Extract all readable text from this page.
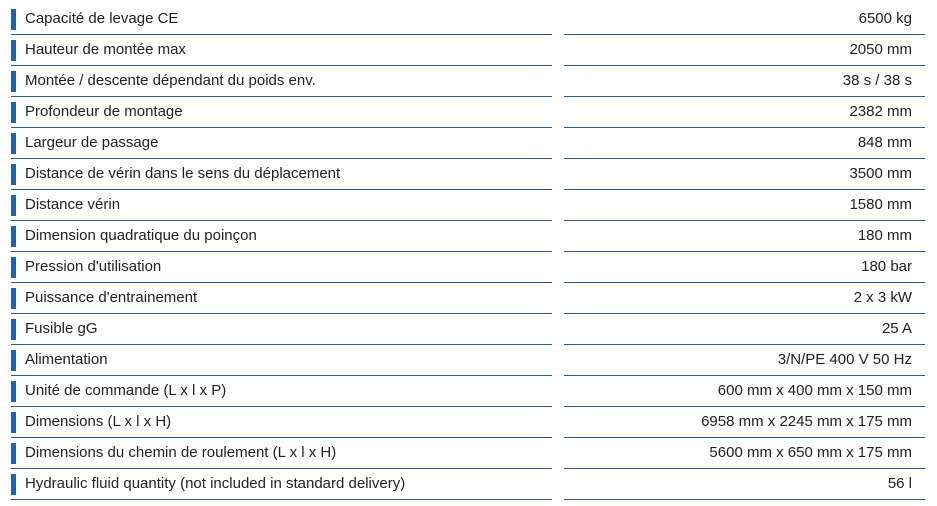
Capacité de levage CE	6500 kg
Hauteur de montée max	2050 mm
Montée / descente dépendant du poids env.	38 s / 38 s
Profondeur de montage	2382 mm
Largeur de passage	848 mm
Distance de vérin dans le sens du déplacement	3500 mm
Distance vérin	1580 mm
Dimension quadratique du poinçon	180 mm
Pression d'utilisation	180 bar
Puissance d'entrainement	2 x 3 kW
Fusible gG	25 A
Alimentation	3/N/PE 400 V 50 Hz
Unité de commande (L x l x P)	600 mm x 400 mm x 150 mm
Dimensions (L x l x H)	6958 mm x 2245 mm x 175 mm
Dimensions du chemin de roulement (L x l x H)	5600 mm x 650 mm x 175 mm
Hydraulic fluid quantity (not included in standard delivery)	56 l
